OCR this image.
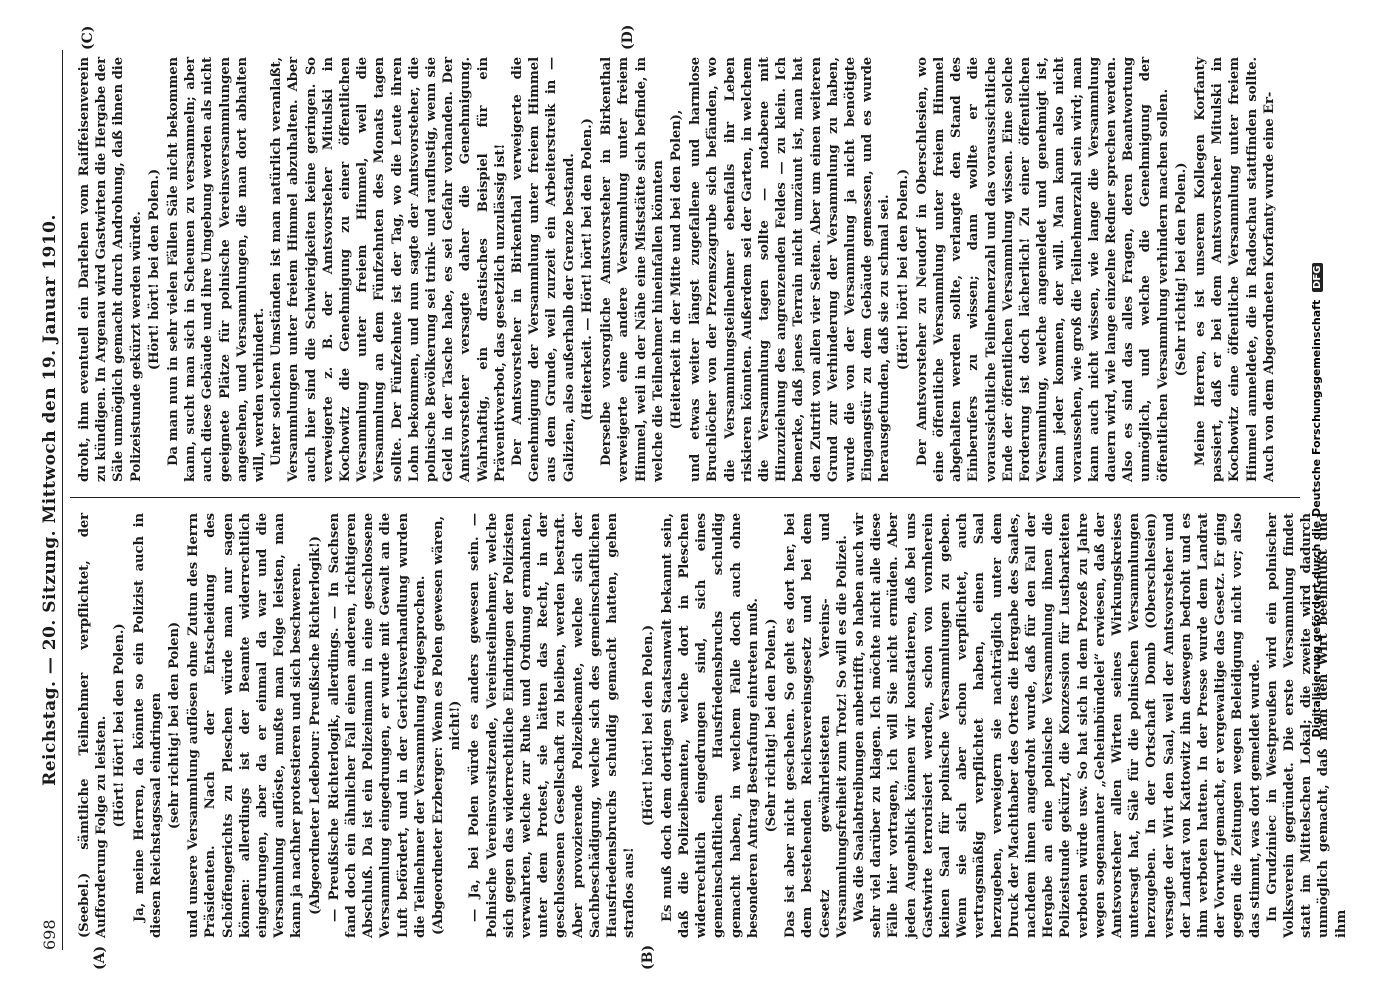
698
Reichstag. — 20. Sitzung. Mittwoch den 19. Januar 1910.
(A)	(B)
(C)	(D)

(Seebel.) sämtliche Teilnehmer verpflichtet, der Aufforderung Folge zu leisten. (Hört! Hört! bei den Polen.) Ja, meine Herren, da könnte so ein Polizist auch in diesen Reichstagssaal eindringen (sehr richtig! bei den Polen) und unsere Versammlung auflösen ohne Zutun des Herrn Präsidenten. Nach der Entscheidung des Schöffengerichts zu Pleschen würde man nur sagen können: allerdings ist der Beamte widerrechtlich eingedrungen, aber da er einmal da war und die Versammlung auflöste, mußte man Folge leisten, man kann ja nachher protestieren und sich beschweren. (Abgeordneter Ledebour: Preußische Richterlogik!) — Preußische Richterlogik, allerdings. — In Sachsen fand doch ein ähnlicher Fall einen anderen, richtigeren Abschluß. Da ist ein Polizeimann in eine geschlossene Versammlung eingedrungen, er wurde mit Gewalt an die Luft befördert, und in der Gerichtsverhandlung wurden die Teilnehmer der Versammlung freigesprochen. (Abgeordneter Erzberger: Wenn es Polen gewesen wären, nicht!) — Ja, bei Polen würde es anders gewesen sein. — Polnische Vereinsvorsitzende, Vereinsteilnehmer, welche sich gegen das widerrechtliche Eindringen der Polizisten verwahrten, welche zur Ruhe und Ordnung ermahnten, unter dem Protest, sie hätten das Recht, in der geschlossenen Gesellschaft zu bleiben, werden bestraft. Aber provozierende Polizeibeamte, welche sich der Sachbeschädigung, welche sich des gemeinschaftlichen Hausfriedensbruchs schuldig gemacht hatten, gehen straflos aus!

(Hört! hört! bei den Polen.) Es muß doch dem dortigen Staatsanwalt bekannt sein, daß die Polizeibeamten, welche dort in Pleschen widerrechtlich eingedrungen sind, sich eines gemeinschaftlichen Hausfriedensbruchs schuldig gemacht haben, in welchem Falle doch auch ohne besonderen Antrag Bestrafung eintreten muß. (Sehr richtig! bei den Polen.) Das ist aber nicht geschehen. So geht es dort her, bei dem bestehenden Reichsvereinsgesetz und bei dem Gesetz gewährleisteten Vereins- und Versammlungsfreiheit zum Trotz! So will es die Polizei. Was die Saalabtreibungen anbetrifft, so haben auch wir sehr viel darüber zu klagen. Ich möchte nicht alle diese Fälle hier vortragen, ich will Sie nicht ermüden. Aber jeden Augenblick können wir konstatieren, daß bei uns Gastwirte terrorisiert werden, schon von vornherein keinen Saal für polnische Versammlungen zu geben. Wenn sie sich aber schon verpflichtet, auch vertragsmäßig verpflichtet haben, einen Saal herzugeben, verweigern sie nachträglich unter dem Druck der Machthaber des Ortes die Hergabe des Saales, nachdem ihnen angedroht wurde, daß für den Fall der Hergabe an eine polnische Versammlung ihnen die Polizeistunde gekürzt, die Konzession für Lustbarkeiten verboten würde usw. So hat sich in dem Prozeß zu Jahre wegen sogenannter „Geheimbündelei“ erwiesen, daß der Amtsvorsteher allen Wirten seines Wirkungskreises untersagt hat, Säle für die polnischen Versammlungen herzugeben. In der Ortschaft Domb (Oberschlesien) versagte der Wirt den Saal, weil der Amtsvorsteher und der Landrat von Kattowitz ihn deswegen bedroht und es ihm verboten hatten. In der Presse wurde dem Landrat der Vorwurf gemacht, er vergewaltige das Gesetz. Er ging gegen die Zeitungen wegen Beleidigung nicht vor; also das stimmt, was dort gemeldet wurde. In Grudziniec in Westpreußen wird ein polnischer Volksverein gegründet. Die erste Versammlung findet statt im Mittelschen Lokal; die zweite wird dadurch unmöglich gemacht, daß man den Wirt beeinflußt und ihm

droht, ihm eventuell ein Darlehen vom Raiffeisenverein zu kündigen. In Argenau wird Gastwirten die Hergabe der Säle unmöglich gemacht durch Androhung, daß ihnen die Polizeistunde gekürzt werden würde. (Hört! hört! bei den Polen.) Da man nun in sehr vielen Fällen Säle nicht bekommen kann, sucht man sich in Scheunen zu versammeln; aber auch diese Gebäude und ihre Umgebung werden als nicht geeignete Plätze für polnische Vereinsversammlungen angesehen, und Versammlungen, die man dort abhalten will, werden verhindert. Unter solchen Umständen ist man natürlich veranlaßt, Versammlungen unter freiem Himmel abzuhalten. Aber auch hier sind die Schwierigkeiten keine geringen. So verweigerte z. B. der Amtsvorsteher Mitulski in Kochowitz die Genehmigung zu einer öffentlichen Versammlung unter freiem Himmel, weil die Versammlung an dem Fünfzehnten des Monats tagen sollte. Der Fünfzehnte ist der Tag, wo die Leute ihren Lohn bekommen, und nun sagte der Amtsvorsteher, die polnische Bevölkerung sei trink- und rauflustig, wenn sie Geld in der Tasche habe, es sei Gefahr vorhanden. Der Amtsvorsteher versagte daher die Genehmigung. Wahrhaftig, ein drastisches Beispiel für ein Präventivverbot, das gesetzlich unzulässig ist! Der Amtsvorsteher in Birkenthal verweigerte die Genehmigung der Versammlung unter freiem Himmel aus dem Grunde, weil zurzeit ein Arbeiterstreik in — Galizien, also außerhalb der Grenze bestand. (Heiterkeit. — Hört! hört! bei den Polen.) Derselbe vorsorgliche Amtsvorsteher in Birkenthal verweigerte eine andere Versammlung unter freiem Himmel, weil in der Nähe eine Miststätte sich befinde, in welche die Teilnehmer hineinfallen könnten (Heiterkeit in der Mitte und bei den Polen), und etwas weiter längst zugefallene und harmlose Bruchlöcher von der Przemszagrube sich befänden, wo die Versammlungsteilnehmer ebenfalls ihr Leben riskieren könnten. Außerdem sei der Garten, in welchem die Versammlung tagen sollte — notabene mit Hinzuziehung des angrenzenden Feldes — zu klein. Ich bemerke, daß jenes Terrain nicht umzäunt ist, man hat den Zutritt von allen vier Seiten. Aber um einen weiteren Grund zur Verhinderung der Versammlung zu haben, wurde die von der Versammlung ja nicht benötigte Eingangstür zu dem Gebäude gemessen, und es wurde herausgefunden, daß sie zu schmal sei. (Hört! hört! bei den Polen.) Der Amtsvorsteher zu Neudorf in Oberschlesien, wo eine öffentliche Versammlung unter freiem Himmel abgehalten werden sollte, verlangte den Stand des Einberufers zu wissen; dann wollte er die voraussichtliche Teilnehmerzahl und das voraussichtliche Ende der öffentlichen Versammlung wissen. Eine solche Forderung ist doch lächerlich! Zu einer öffentlichen Versammlung, welche angemeldet und genehmigt ist, kann jeder kommen, der will. Man kann also nicht voraussehen, wie groß die Teilnehmerzahl sein wird; man kann auch nicht wissen, wie lange die Versammlung dauern wird, wie lange einzelne Redner sprechen werden. Also es sind das alles Fragen, deren Beantwortung unmöglich, und welche die Genehmigung der öffentlichen Versammlung verhindern machen sollen. (Sehr richtig! bei den Polen.) Meine Herren, es ist unserem Kollegen Korfanty passiert, daß er bei dem Amtsvorsteher Mitulski in Kochowitz eine öffentliche Versammlung unter freiem Himmel anmeldete, die in Radoschau stattfinden sollte. Auch von dem Abgeordneten Korfanty wurde eine Er-

Digitalisierung gefördert durch die Deutsche Forschungsgemeinschaft DFG
